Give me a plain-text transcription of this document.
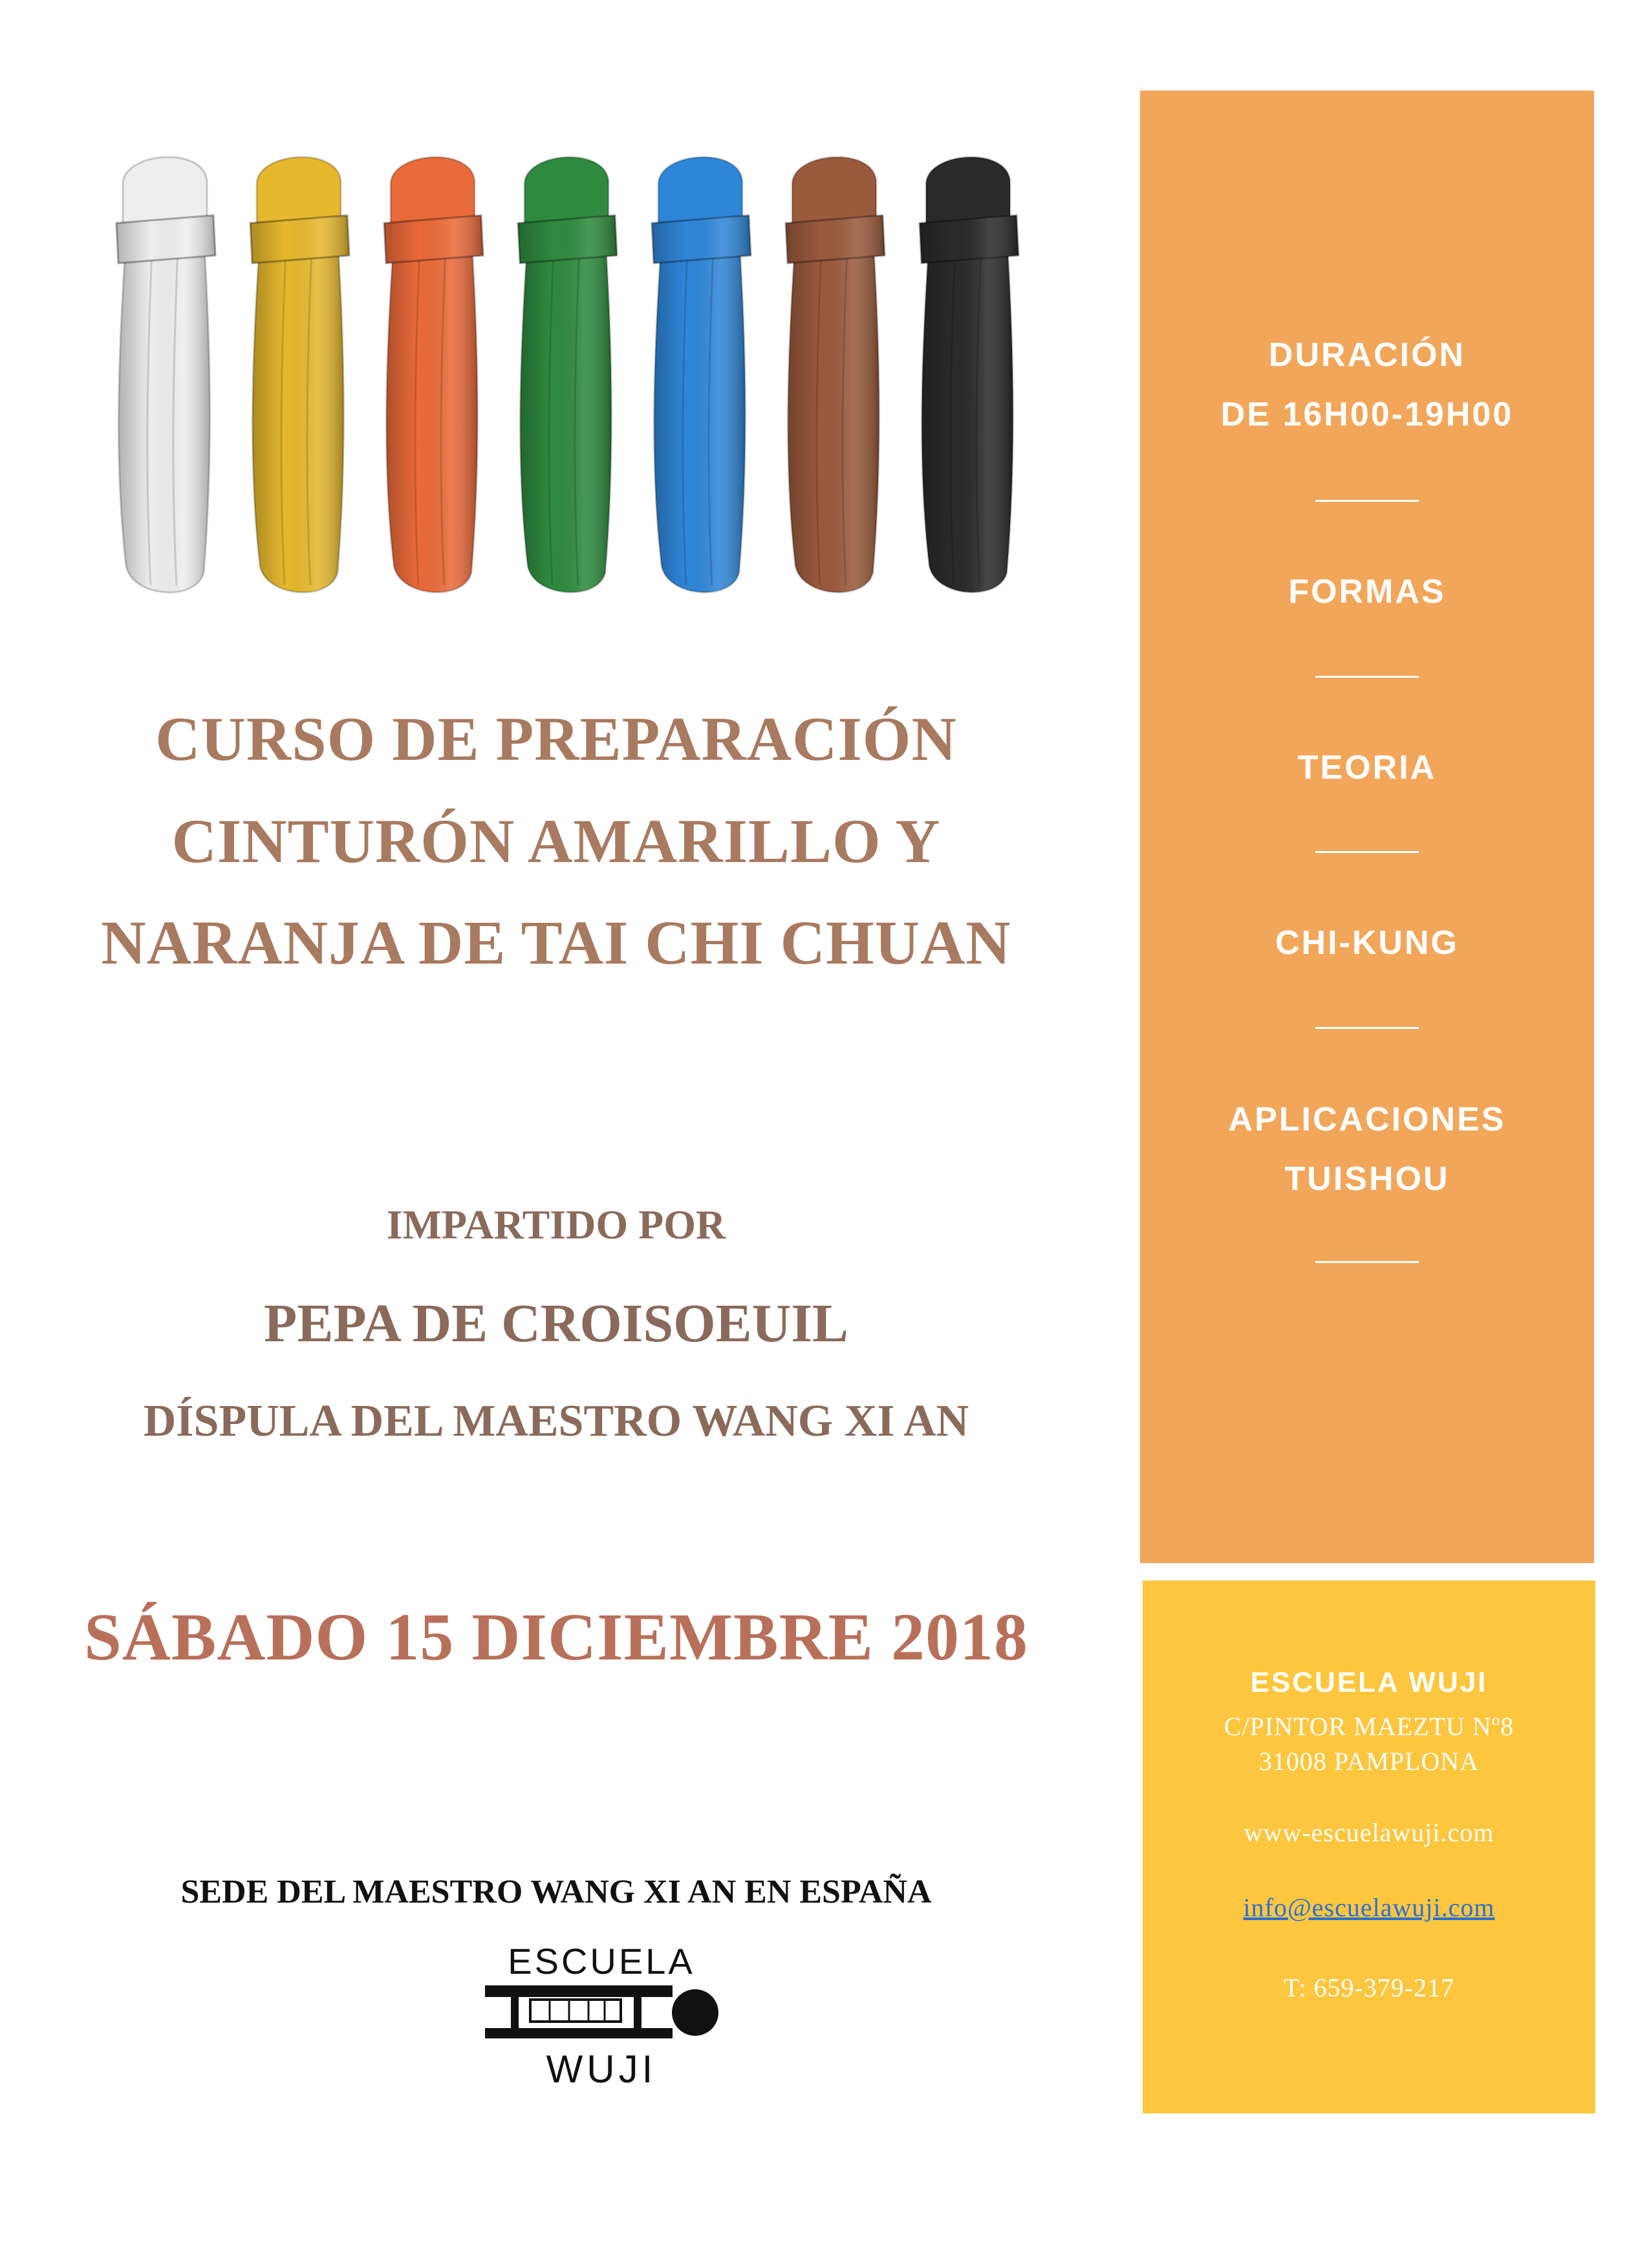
CURSO DE PREPARACIÓN
CINTURÓN AMARILLO Y
NARANJA DE TAI CHI CHUAN
IMPARTIDO POR
PEPA DE CROISOEUIL
DÍSPULA DEL MAESTRO WANG XI AN
SÁBADO 15 DICIEMBRE 2018
SEDE DEL MAESTRO WANG XI AN EN ESPAÑA
ESCUELA
WUJI
DURACIÓN
DE 16H00-19H00
FORMAS
TEORIA
CHI-KUNG
APLICACIONES
TUISHOU
ESCUELA WUJI
C/PINTOR MAEZTU Nº8
31008 PAMPLONA
www-escuelawuji.com
info@escuelawuji.com
T: 659-379-217
